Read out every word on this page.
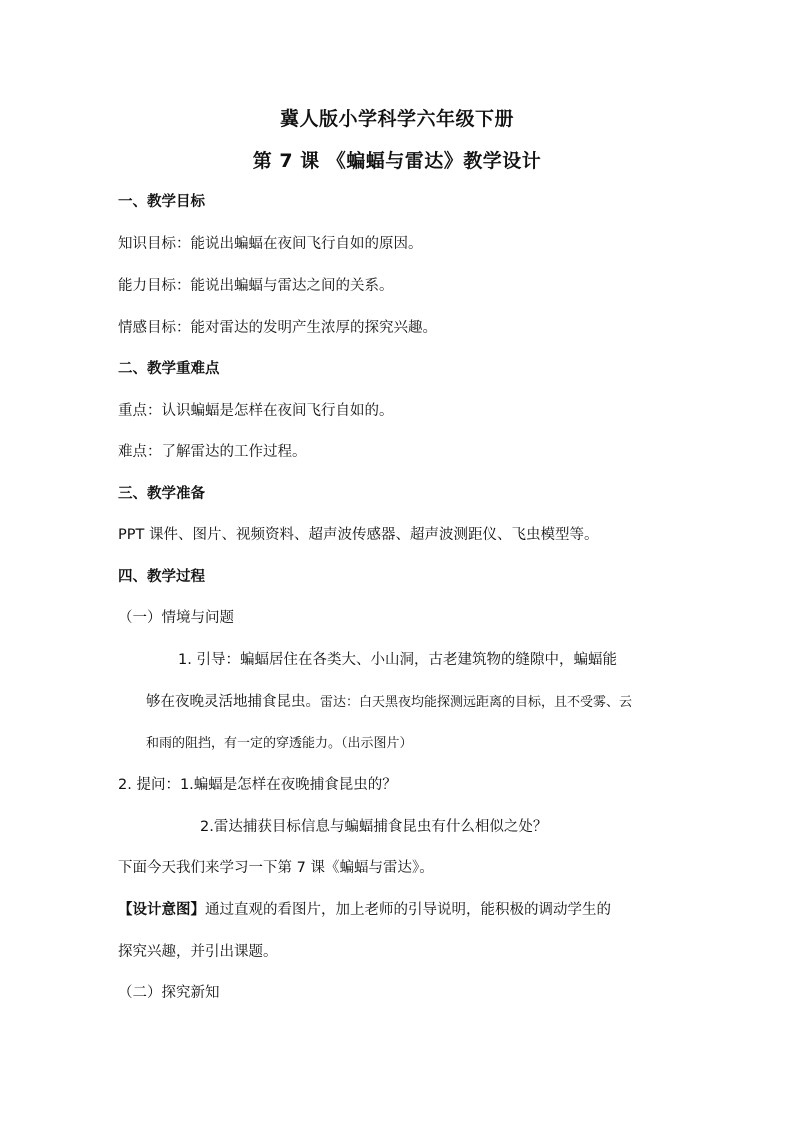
冀人版小学科学六年级下册
第 7 课 《蝙蝠与雷达》教学设计
一、教学目标
知识目标：能说出蝙蝠在夜间飞行自如的原因。
能力目标：能说出蝙蝠与雷达之间的关系。
情感目标：能对雷达的发明产生浓厚的探究兴趣。
二、教学重难点
重点：认识蝙蝠是怎样在夜间飞行自如的。
难点：了解雷达的工作过程。
三、教学准备
PPT 课件、图片、视频资料、超声波传感器、超声波测距仪、飞虫模型等。
四、教学过程
（一）情境与问题
1. 引导：蝙蝠居住在各类大、小山洞，古老建筑物的缝隙中，蝙蝠能
够在夜晚灵活地捕食昆虫。雷达：白天黑夜均能探测远距离的目标，且不受雾、云
和雨的阻挡，有一定的穿透能力。（出示图片）
2. 提问：1.蝙蝠是怎样在夜晚捕食昆虫的？
2.雷达捕获目标信息与蝙蝠捕食昆虫有什么相似之处？
下面今天我们来学习一下第 7 课《蝙蝠与雷达》。
【设计意图】通过直观的看图片，加上老师的引导说明，能积极的调动学生的
探究兴趣，并引出课题。
（二）探究新知
